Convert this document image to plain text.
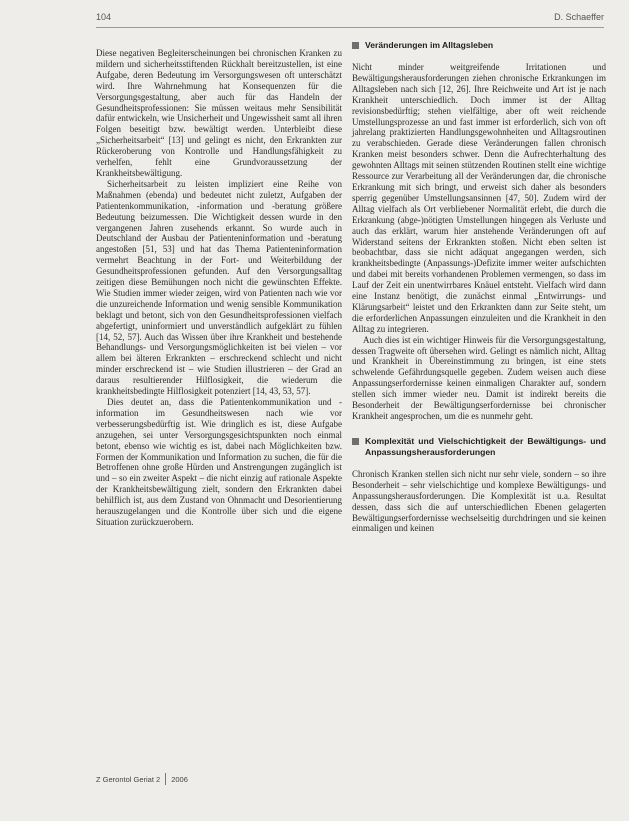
104	D. Schaeffer

Diese negativen Begleiterscheinungen bei chronischen Kranken zu mildern und sicherheitsstiftenden Rückhalt bereitzustellen, ist eine Aufgabe, deren Bedeutung im Versorgungswesen oft unterschätzt wird. Ihre Wahrnehmung hat Konsequenzen für die Versorgungsgestaltung, aber auch für das Handeln der Gesundheitsprofessionen: Sie müssen weitaus mehr Sensibilität dafür entwickeln, wie Unsicherheit und Ungewissheit samt all ihren Folgen beseitigt bzw. bewältigt werden. Unterbleibt diese „Sicherheitsarbeit“ [13] und gelingt es nicht, den Erkrankten zur Rückeroberung von Kontrolle und Handlungsfähigkeit zu verhelfen, fehlt eine Grundvoraussetzung der Krankheitsbewältigung.

Sicherheitsarbeit zu leisten impliziert eine Reihe von Maßnahmen (ebenda) und bedeutet nicht zuletzt, Aufgaben der Patientenkommunikation, -information und -beratung größere Bedeutung beizumessen. Die Wichtigkeit dessen wurde in den vergangenen Jahren zusehends erkannt. So wurde auch in Deutschland der Ausbau der Patienteninformation und -beratung angestoßen [51, 53] und hat das Thema Patienteninformation vermehrt Beachtung in der Fort- und Weiterbildung der Gesundheitsprofessionen gefunden. Auf den Versorgungsalltag zeitigen diese Bemühungen noch nicht die gewünschten Effekte. Wie Studien immer wieder zeigen, wird von Patienten nach wie vor die unzureichende Information und wenig sensible Kommunikation beklagt und betont, sich von den Gesundheitsprofessionen vielfach abgefertigt, uninformiert und unverständlich aufgeklärt zu fühlen [14, 52, 57]. Auch das Wissen über ihre Krankheit und bestehende Behandlungs- und Versorgungsmöglichkeiten ist bei vielen – vor allem bei älteren Erkrankten – erschreckend schlecht und nicht minder erschreckend ist – wie Studien illustrieren – der Grad an daraus resultierender Hilflosigkeit, die wiederum die krankheitsbedingte Hilflosigkeit potenziert [14, 43, 53, 57].

Dies deutet an, dass die Patientenkommunikation und -information im Gesundheitswesen nach wie vor verbesserungsbedürftig ist. Wie dringlich es ist, diese Aufgabe anzugehen, sei unter Versorgungsgesichtspunkten noch einmal betont, ebenso wie wichtig es ist, dabei nach Möglichkeiten bzw. Formen der Kommunikation und Information zu suchen, die für die Betroffenen ohne große Hürden und Anstrengungen zugänglich ist und – so ein zweiter Aspekt – die nicht einzig auf rationale Aspekte der Krankheitsbewältigung zielt, sondern den Erkrankten dabei behilflich ist, aus dem Zustand von Ohnmacht und Desorientierung herauszugelangen und die Kontrolle über sich und die eigene Situation zurückzuerobern.

Veränderungen im Alltagsleben

Nicht minder weitgreifende Irritationen und Bewältigungsherausforderungen ziehen chronische Erkrankungen im Alltagsleben nach sich [12, 26]. Ihre Reichweite und Art ist je nach Krankheit unterschiedlich. Doch immer ist der Alltag revisionsbedürftig; stehen vielfältige, aber oft weit reichende Umstellungsprozesse an und fast immer ist erforderlich, sich von oft jahrelang praktizierten Handlungsgewohnheiten und Alltagsroutinen zu verabschieden. Gerade diese Veränderungen fallen chronisch Kranken meist besonders schwer. Denn die Aufrechterhaltung des gewohnten Alltags mit seinen stützenden Routinen stellt eine wichtige Ressource zur Verarbeitung all der Veränderungen dar, die chronische Erkrankung mit sich bringt, und erweist sich daher als besonders sperrig gegenüber Umstellungsansinnen [47, 50]. Zudem wird der Alltag vielfach als Ort verbliebener Normalität erlebt, die durch die Erkrankung (abge-)nötigten Umstellungen hingegen als Verluste und auch das erklärt, warum hier anstehende Veränderungen oft auf Widerstand seitens der Erkrankten stoßen. Nicht eben selten ist beobachtbar, dass sie nicht adäquat angegangen werden, sich krankheitsbedingte (Anpassungs-)Defizite immer weiter aufschichten und dabei mit bereits vorhandenen Problemen vermengen, so dass im Lauf der Zeit ein unentwirrbares Knäuel entsteht. Vielfach wird dann eine Instanz benötigt, die zunächst einmal „Entwirrungs- und Klärungsarbeit“ leistet und den Erkrankten dann zur Seite steht, um die erforderlichen Anpassungen einzuleiten und die Krankheit in den Alltag zu integrieren.

Auch dies ist ein wichtiger Hinweis für die Versorgungsgestaltung, dessen Tragweite oft übersehen wird. Gelingt es nämlich nicht, Alltag und Krankheit in Übereinstimmung zu bringen, ist eine stets schwelende Gefährdungsquelle gegeben. Zudem weisen auch diese Anpassungserfordernisse keinen einmaligen Charakter auf, sondern stellen sich immer wieder neu. Damit ist indirekt bereits die Besonderheit der Bewältigungserfordernisse bei chronischer Krankheit angesprochen, um die es nunmehr geht.

Komplexität und Vielschichtigkeit der Bewältigungs- und Anpassungsherausforderungen

Chronisch Kranken stellen sich nicht nur sehr viele, sondern – so ihre Besonderheit – sehr vielschichtige und komplexe Bewältigungs- und Anpassungsherausforderungen. Die Komplexität ist u.a. Resultat dessen, dass sich die auf unterschiedlichen Ebenen gelagerten Bewältigungserfordernisse wechselseitig durchdringen und sie keinen einmaligen und keinen

Z Gerontol Geriat 2 2006
